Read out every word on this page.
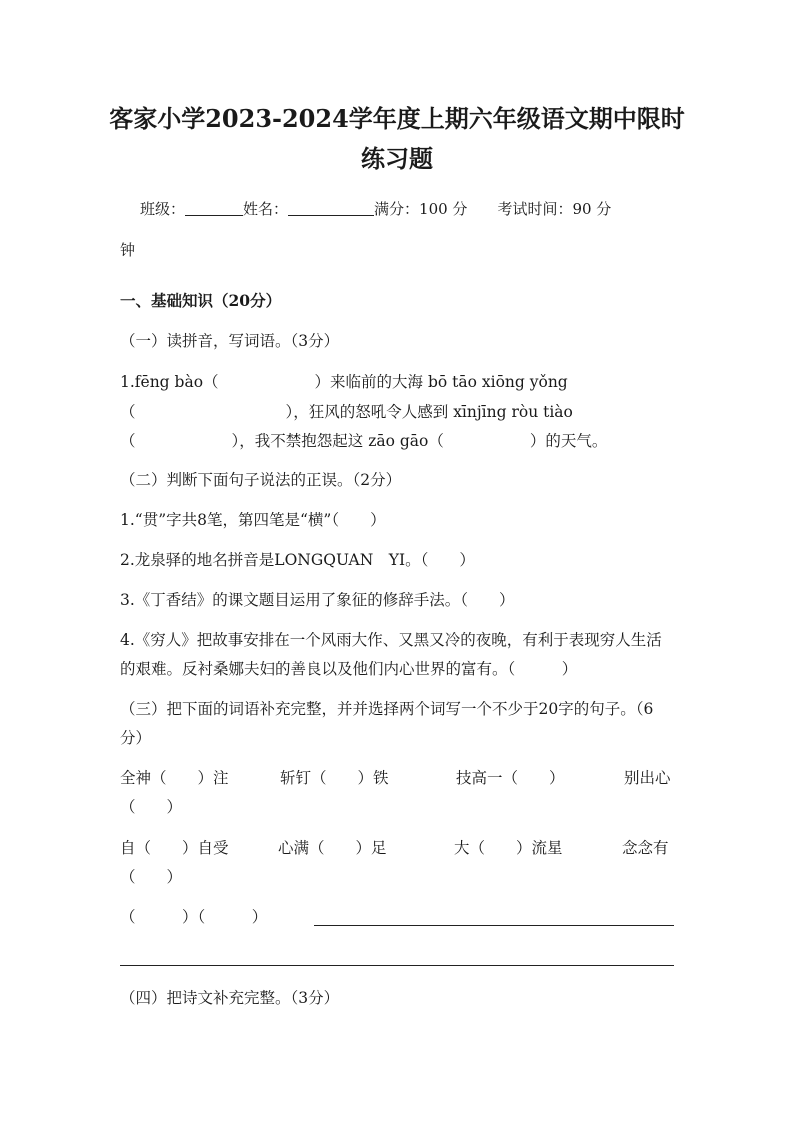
客家小学2023-2024学年度上期六年级语文期中限时
练习题
班级：	姓名：	满分：100 分 考试时间：90 分
钟
一、基础知识（20分）
（一）读拼音，写词语。（3分）
1.fēng bào（	）来临前的大海 bō tāo xiōng yǒng
（	），狂风的怒吼令人感到 xīnjīng ròu tiào
（	），我不禁抱怨起这 zāo gāo（	）的天气。
（二）判断下面句子说法的正误。（2分）
1.“贯”字共8笔，第四笔是“横”（　　）
2.龙泉驿的地名拼音是LONGQUAN　YI。（　　）
3.《丁香结》的课文题目运用了象征的修辞手法。（　　）
4.《穷人》把故事安排在一个风雨大作、又黑又冷的夜晚，有利于表现穷人生活
的艰难。反衬桑娜夫妇的善良以及他们内心世界的富有。（　　　）
（三）把下面的词语补充完整，并并选择两个词写一个不少于20字的句子。（6
分）
全神（　　）注	斩钉（　　）铁	技高一（　　）	别出心
（　　）
自（　　）自受	心满（　　）足	大（　　）流星	念念有
（　　）
（　　　）（　　　）
（四）把诗文补充完整。（3分）
